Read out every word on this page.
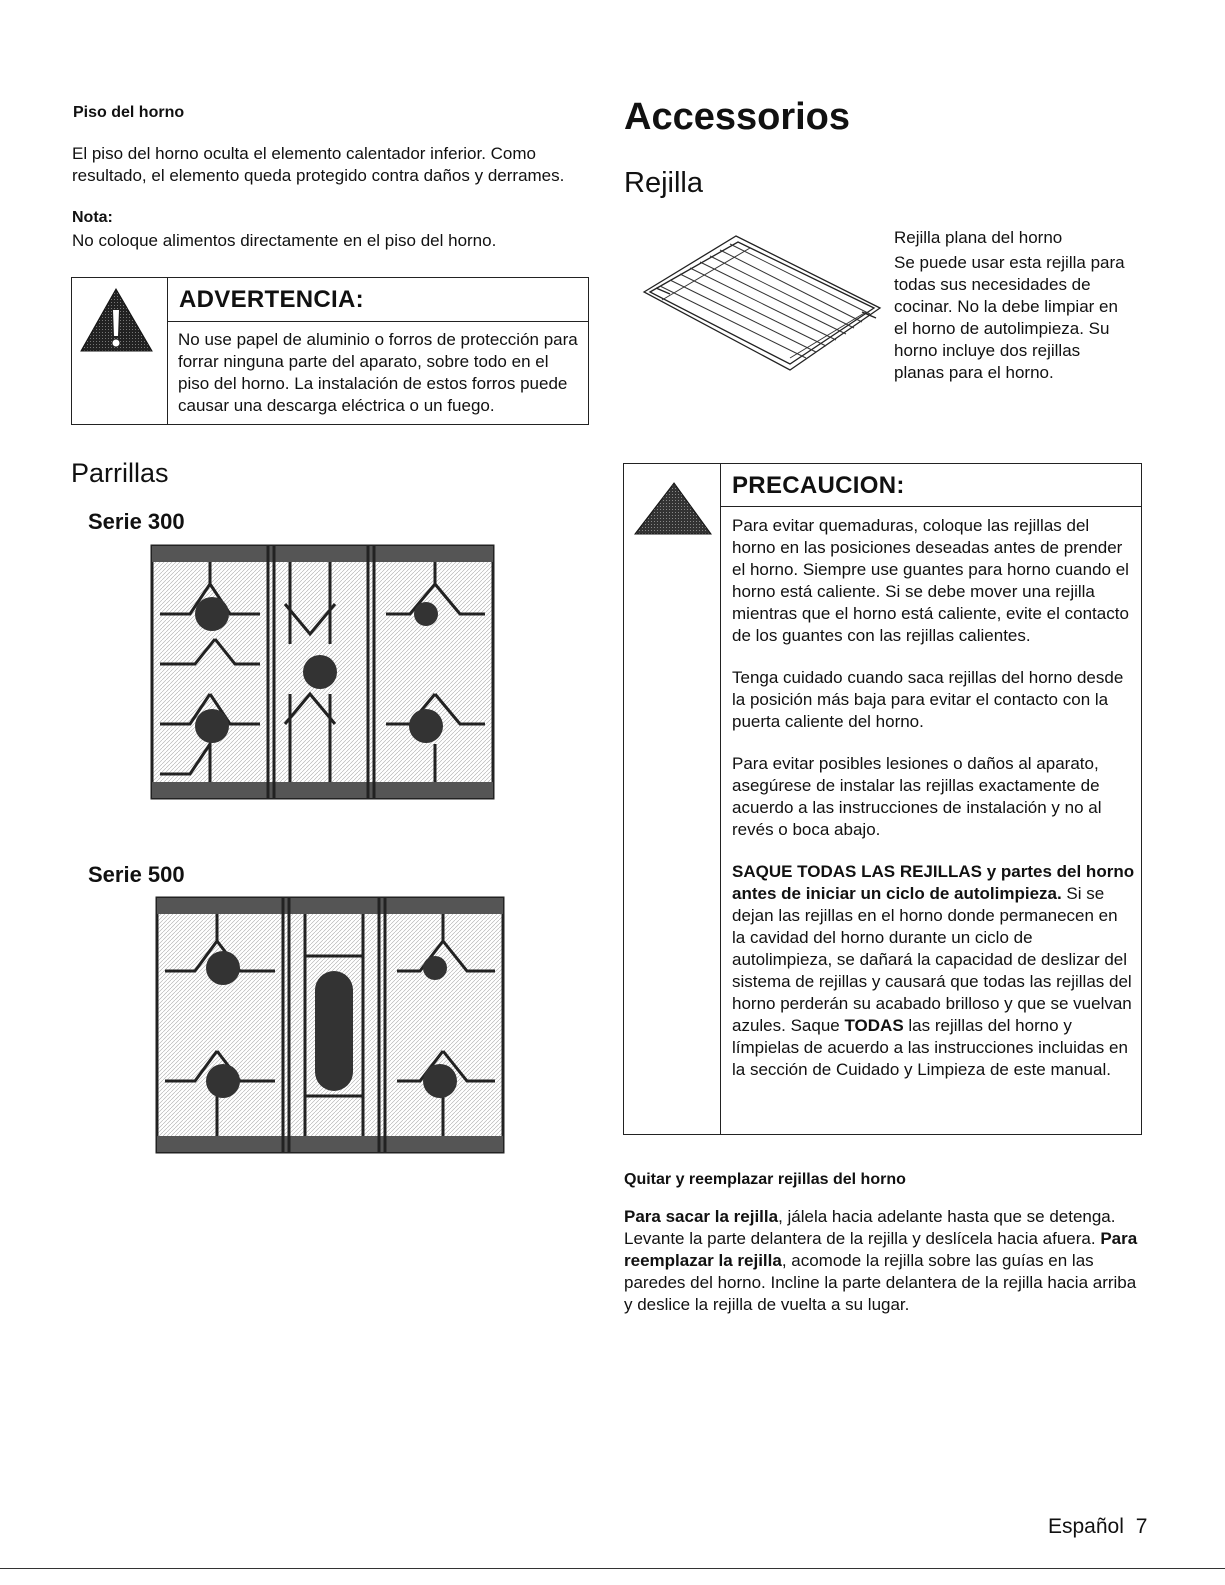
Piso del horno
El piso del horno oculta el elemento calentador inferior. Como resultado, el elemento queda protegido contra daños y derrames.
Nota:
No coloque alimentos directamente en el piso del horno.
ADVERTENCIA:
No use papel de aluminio o forros de protección para forrar ninguna parte del aparato, sobre todo en el piso del horno. La instalación de estos forros puede causar una descarga eléctrica o un fuego.
Parrillas
Serie 300
Serie 500
Accessorios
Rejilla
Rejilla plana del horno
Se puede usar esta rejilla para todas sus necesidades de cocinar. No la debe limpiar en el horno de autolimpieza. Su horno incluye dos rejillas planas para el horno.
PRECAUCION:

Para evitar quemaduras, coloque las rejillas del horno en las posiciones deseadas antes de prender el horno. Siempre use guantes para horno cuando el horno está caliente. Si se debe mover una rejilla mientras que el horno está caliente, evite el contacto de los guantes con las rejillas calientes.

Tenga cuidado cuando saca rejillas del horno desde la posición más baja para evitar el contacto con la puerta caliente del horno.

Para evitar posibles lesiones o daños al aparato, asegúrese de instalar las rejillas exactamente de acuerdo a las instrucciones de instalación y no al revés o boca abajo.

SAQUE TODAS LAS REJILLAS y partes del horno antes de iniciar un ciclo de autolimpieza. Si se dejan las rejillas en el horno donde permanecen en la cavidad del horno durante un ciclo de autolimpieza, se dañará la capacidad de deslizar del sistema de rejillas y causará que todas las rejillas del horno perderán su acabado brilloso y que se vuelvan azules. Saque TODAS las rejillas del horno y límpielas de acuerdo a las instrucciones incluidas en la sección de Cuidado y Limpieza de este manual.

Quitar y reemplazar rejillas del horno
Para sacar la rejilla, jálela hacia adelante hasta que se detenga. Levante la parte delantera de la rejilla y deslícela hacia afuera. Para reemplazar la rejilla, acomode la rejilla sobre las guías en las paredes del horno. Incline la parte delantera de la rejilla hacia arriba y deslice la rejilla de vuelta a su lugar.
Español 7
